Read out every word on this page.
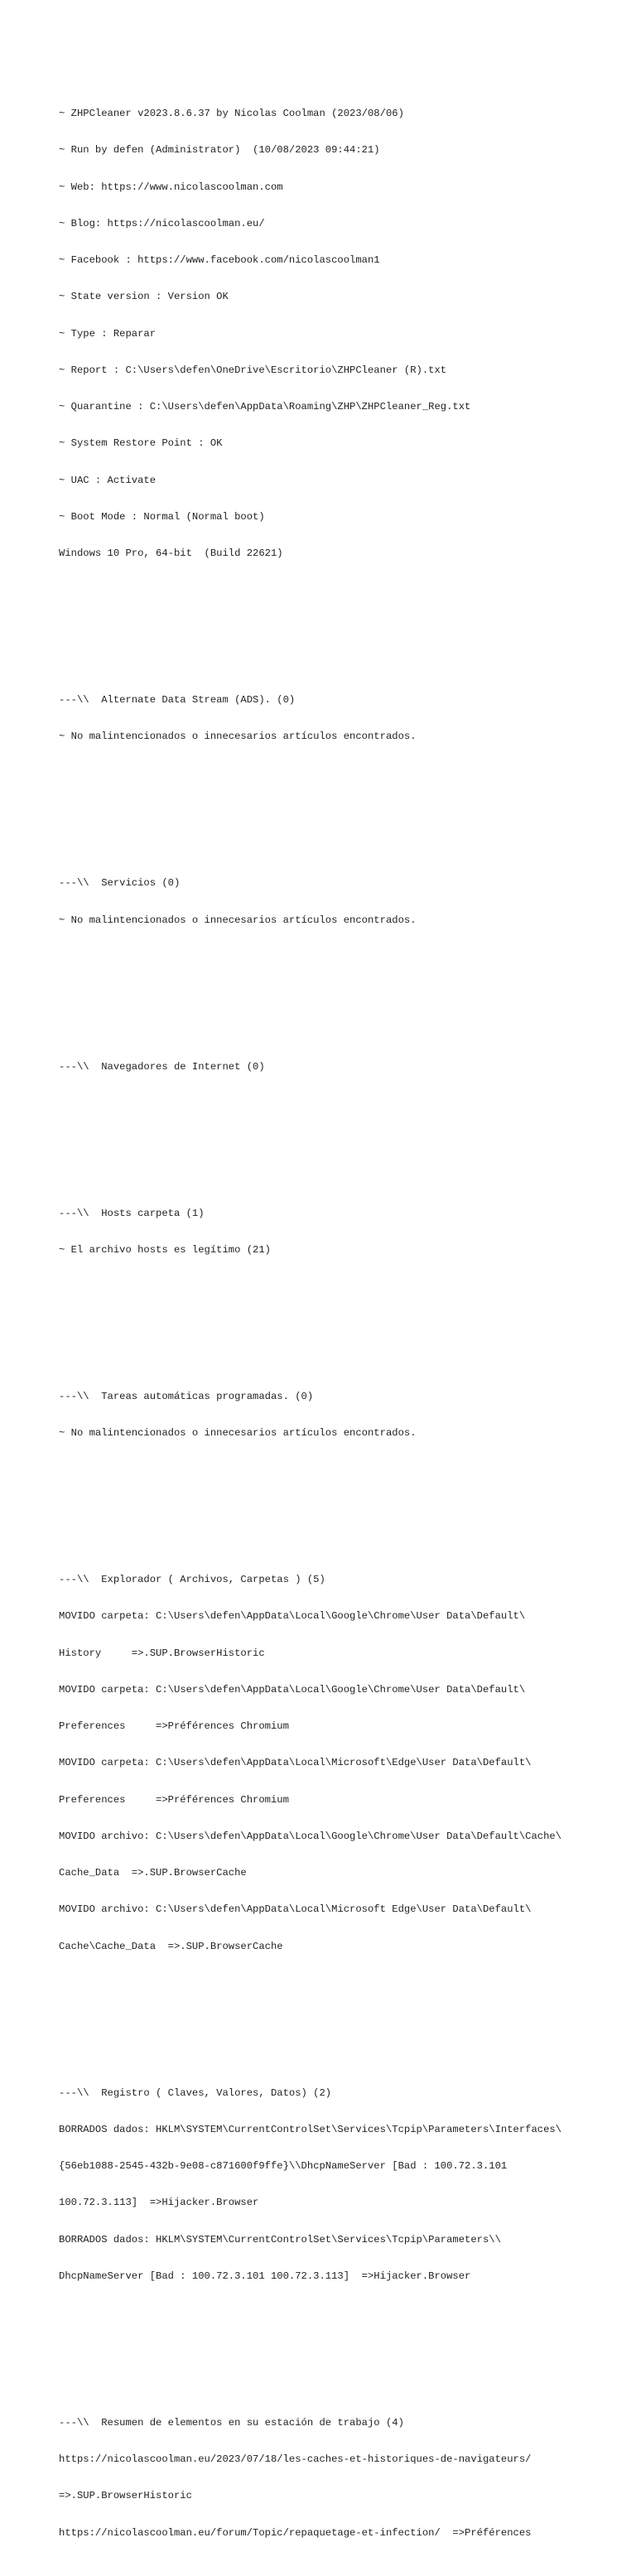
~ ZHPCleaner v2023.8.6.37 by Nicolas Coolman (2023/08/06)

~ Run by defen (Administrator)  (10/08/2023 09:44:21)

~ Web: https://www.nicolascoolman.com

~ Blog: https://nicolascoolman.eu/

~ Facebook : https://www.facebook.com/nicolascoolman1

~ State version : Version OK

~ Type : Reparar

~ Report : C:\Users\defen\OneDrive\Escritorio\ZHPCleaner (R).txt

~ Quarantine : C:\Users\defen\AppData\Roaming\ZHP\ZHPCleaner_Reg.txt

~ System Restore Point : OK

~ UAC : Activate

~ Boot Mode : Normal (Normal boot)

Windows 10 Pro, 64-bit  (Build 22621)

---\\  Alternate Data Stream (ADS). (0)

~ No malintencionados o innecesarios artículos encontrados.

---\\  Servicios (0)

~ No malintencionados o innecesarios artículos encontrados.

---\\  Navegadores de Internet (0)

---\\  Hosts carpeta (1)

~ El archivo hosts es legítimo (21)

---\\  Tareas automáticas programadas. (0)

~ No malintencionados o innecesarios artículos encontrados.

---\\  Explorador ( Archivos, Carpetas ) (5)

MOVIDO carpeta: C:\Users\defen\AppData\Local\Google\Chrome\User Data\Default\

History     =>.SUP.BrowserHistoric

MOVIDO carpeta: C:\Users\defen\AppData\Local\Google\Chrome\User Data\Default\

Preferences     =>Préférences Chromium

MOVIDO carpeta: C:\Users\defen\AppData\Local\Microsoft\Edge\User Data\Default\

Preferences     =>Préférences Chromium

MOVIDO archivo: C:\Users\defen\AppData\Local\Google\Chrome\User Data\Default\Cache\

Cache_Data  =>.SUP.BrowserCache

MOVIDO archivo: C:\Users\defen\AppData\Local\Microsoft Edge\User Data\Default\

Cache\Cache_Data  =>.SUP.BrowserCache

---\\  Registro ( Claves, Valores, Datos) (2)

BORRADOS dados: HKLM\SYSTEM\CurrentControlSet\Services\Tcpip\Parameters\Interfaces\

{56eb1088-2545-432b-9e08-c871600f9ffe}\\DhcpNameServer [Bad : 100.72.3.101

100.72.3.113]  =>Hijacker.Browser

BORRADOS dados: HKLM\SYSTEM\CurrentControlSet\Services\Tcpip\Parameters\\

DhcpNameServer [Bad : 100.72.3.101 100.72.3.113]  =>Hijacker.Browser

---\\  Resumen de elementos en su estación de trabajo (4)

https://nicolascoolman.eu/2023/07/18/les-caches-et-historiques-de-navigateurs/

=>.SUP.BrowserHistoric

https://nicolascoolman.eu/forum/Topic/repaquetage-et-infection/  =>Préférences
